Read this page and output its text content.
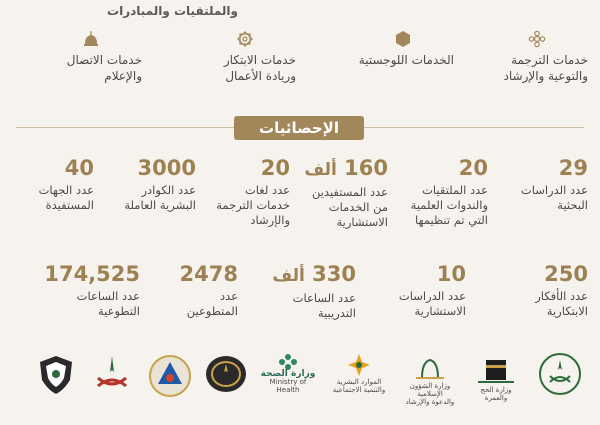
والملتقيات والمبادرات
خدمات الترجمة
والتوعية والإرشاد
الخدمات اللوجستية
خدمات الابتكار
وريادة الأعمال
خدمات الاتصال
والإعلام
الإحصائيات
29
عدد الدراسات
البحثية
20
عدد الملتقيات
والندوات العلمية
التي تم تنظيمها
160 ألف
عدد المستفيدين
من الخدمات
الاستشارية
20
عدد لغات
خدمات الترجمة
والإرشاد
3000
عدد الكوادر
البشرية العاملة
40
عدد الجهات
المستفيدة
250
عدد الأفكار
الابتكارية
10
عدد الدراسات
الاستشارية
330 ألف
عدد الساعات
التدريبية
2478
عدد
المتطوعين
174,525
عدد الساعات
التطوعية
وزارة الحج والعمرة
وزارة الشؤون الإسلامية
والدعوة والإرشاد
الموارد البشرية
والتنمية الاجتماعية
وزارة الصحة
Ministry of Health
